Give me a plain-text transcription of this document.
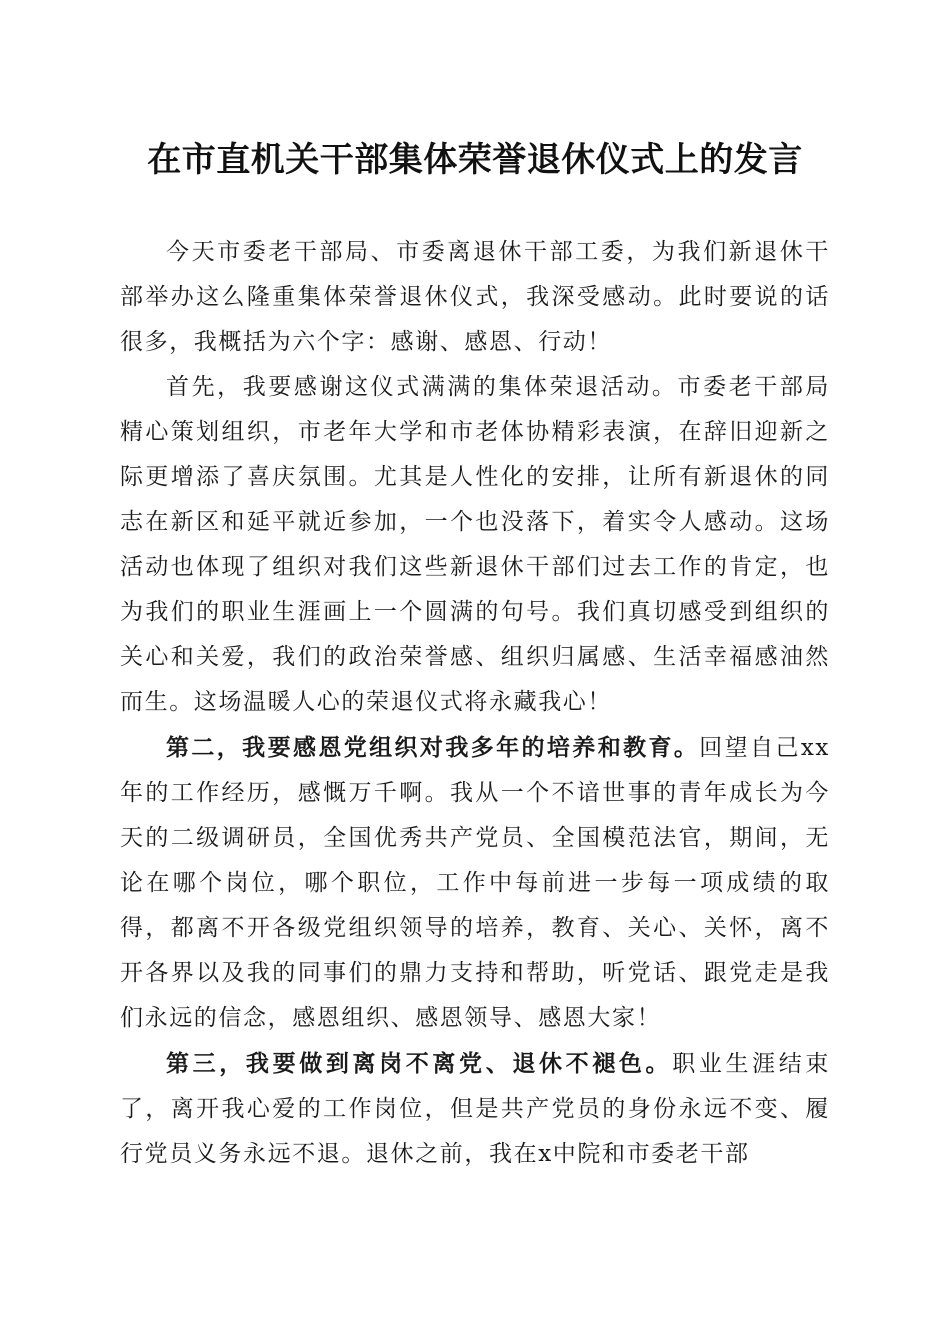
在市直机关干部集体荣誉退休仪式上的发言

今天市委老干部局、市委离退休干部工委，为我们新退休干部举办这么隆重集体荣誉退休仪式，我深受感动。此时要说的话很多，我概括为六个字：感谢、感恩、行动！

首先，我要感谢这仪式满满的集体荣退活动。市委老干部局精心策划组织，市老年大学和市老体协精彩表演，在辞旧迎新之际更增添了喜庆氛围。尤其是人性化的安排，让所有新退休的同志在新区和延平就近参加，一个也没落下，着实令人感动。这场活动也体现了组织对我们这些新退休干部们过去工作的肯定，也为我们的职业生涯画上一个圆满的句号。我们真切感受到组织的关心和关爱，我们的政治荣誉感、组织归属感、生活幸福感油然而生。这场温暖人心的荣退仪式将永藏我心！

第二，我要感恩党组织对我多年的培养和教育。回望自己xx年的工作经历，感慨万千啊。我从一个不谙世事的青年成长为今天的二级调研员，全国优秀共产党员、全国模范法官，期间，无论在哪个岗位，哪个职位，工作中每前进一步每一项成绩的取得，都离不开各级党组织领导的培养，教育、关心、关怀，离不开各界以及我的同事们的鼎力支持和帮助，听党话、跟党走是我们永远的信念，感恩组织、感恩领导、感恩大家！

第三，我要做到离岗不离党、退休不褪色。职业生涯结束了，离开我心爱的工作岗位，但是共产党员的身份永远不变、履行党员义务永远不退。退休之前，我在x中院和市委老干部
